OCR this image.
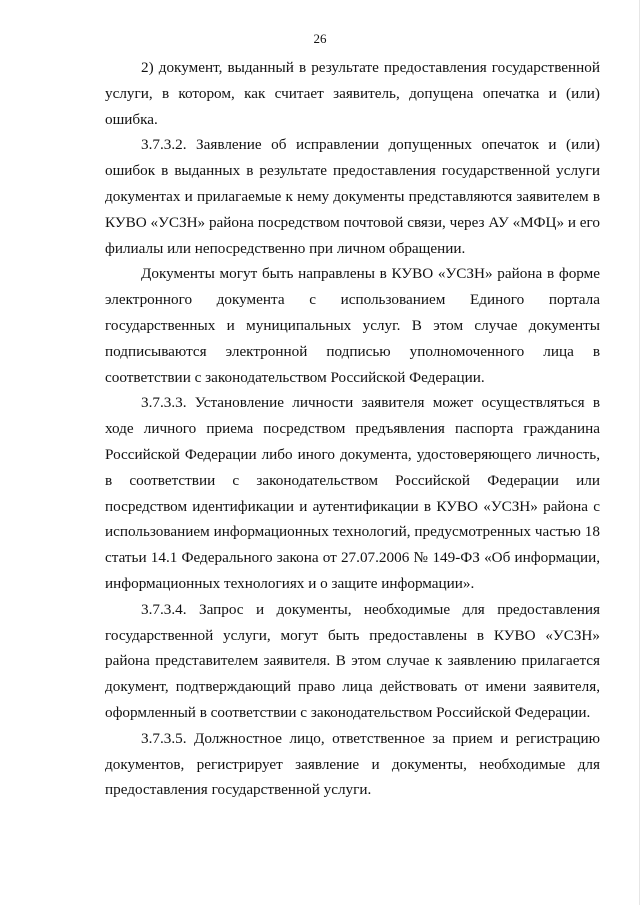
26

2) документ, выданный в результате предоставления государственной услуги, в котором, как считает заявитель, допущена опечатка и (или) ошибка.

3.7.3.2. Заявление об исправлении допущенных опечаток и (или) ошибок в выданных в результате предоставления государственной услуги документах и прилагаемые к нему документы представляются заявителем в КУВО «УСЗН» района посредством почтовой связи, через АУ «МФЦ» и его филиалы или непосредственно при личном обращении.

Документы могут быть направлены в КУВО «УСЗН» района в форме электронного документа с использованием Единого портала государственных и муниципальных услуг. В этом случае документы подписываются электронной подписью уполномоченного лица в соответствии с законодательством Российской Федерации.

3.7.3.3. Установление личности заявителя может осуществляться в ходе личного приема посредством предъявления паспорта гражданина Российской Федерации либо иного документа, удостоверяющего личность, в соответствии с законодательством Российской Федерации или посредством идентификации и аутентификации в КУВО «УСЗН» района с использованием информационных технологий, предусмотренных частью 18 статьи 14.1 Федерального закона от 27.07.2006 № 149-ФЗ «Об информации, информационных технологиях и о защите информации».

3.7.3.4. Запрос и документы, необходимые для предоставления государственной услуги, могут быть предоставлены в КУВО «УСЗН» района представителем заявителя. В этом случае к заявлению прилагается документ, подтверждающий право лица действовать от имени заявителя, оформленный в соответствии с законодательством Российской Федерации.

3.7.3.5. Должностное лицо, ответственное за прием и регистрацию документов, регистрирует заявление и документы, необходимые для предоставления государственной услуги.
